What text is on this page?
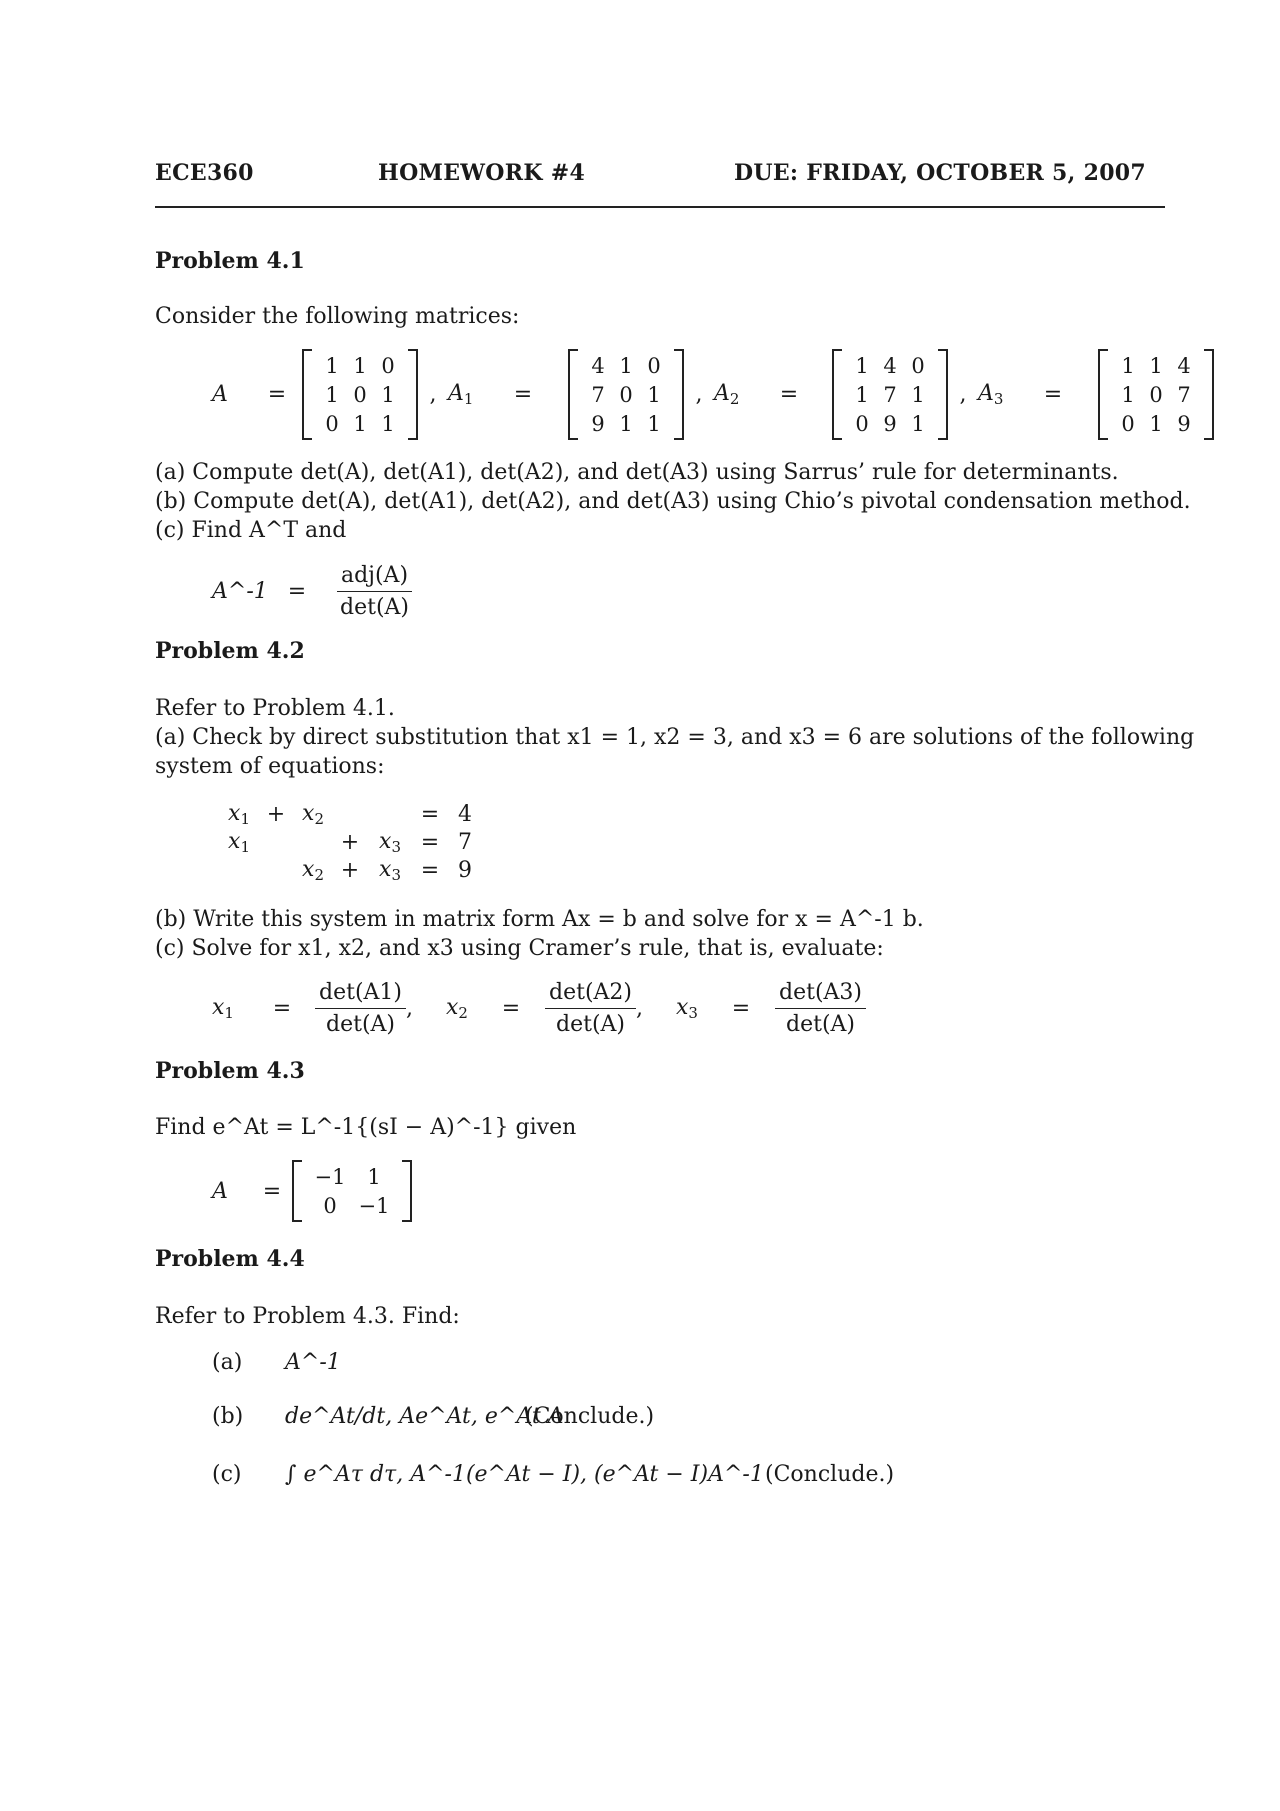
ECE360	HOMEWORK #4	DUE: FRIDAY, OCTOBER 5, 2007
Problem 4.1
Consider the following matrices:
A	=
1 1 0
1 0 1
0 1 1
, $A_1$	=
4 1 0
7 0 1
9 1 1
, $A_2$	=
1 4 0
1 7 1
0 9 1
, $A_3$	=
1 1 4
1 0 7
0 1 9
(a) Compute det(A), det(A1), det(A2), and det(A3) using Sarrus’ rule for determinants.
(b) Compute det(A), det(A1), det(A2), and det(A3) using Chio’s pivotal condensation method.
(c) Find A^T and
A^-1 =	$\frac{\text{adj(A)}}{\det(A)}$
Problem 4.2
Refer to Problem 4.1.
(a) Check by direct substitution that x1 = 1, x2 = 3, and x3 = 6 are solutions of the following
system of equations:
$x_1 + x_2$	= 4
$x_1$	+ $x_3 = 7$
$x_2 + x_3 = 9$
(b) Write this system in matrix form Ax = b and solve for x = A^-1 b.
(c) Solve for x1, x2, and x3 using Cramer’s rule, that is, evaluate:
$x_1$	=	$\frac{\det(A1)}{\det(A)}$ ,	$x_2$	=	$\frac{\det(A2)}{\det(A)}$ ,	$x_3$	=	$\frac{\det(A3)}{\det(A)}$
Problem 4.3
Find e^At = L^-1{(sI − A)^-1} given
A	=
−1	1
0	−1
Problem 4.4
Refer to Problem 4.3. Find:
(a) A^-1
(b) de^At/dt, Ae^At, e^At A
(Conclude.)
(c) ∫ e^Aτ dτ, A^-1(e^At − I), (e^At − I)A^-1 (Conclude.)
